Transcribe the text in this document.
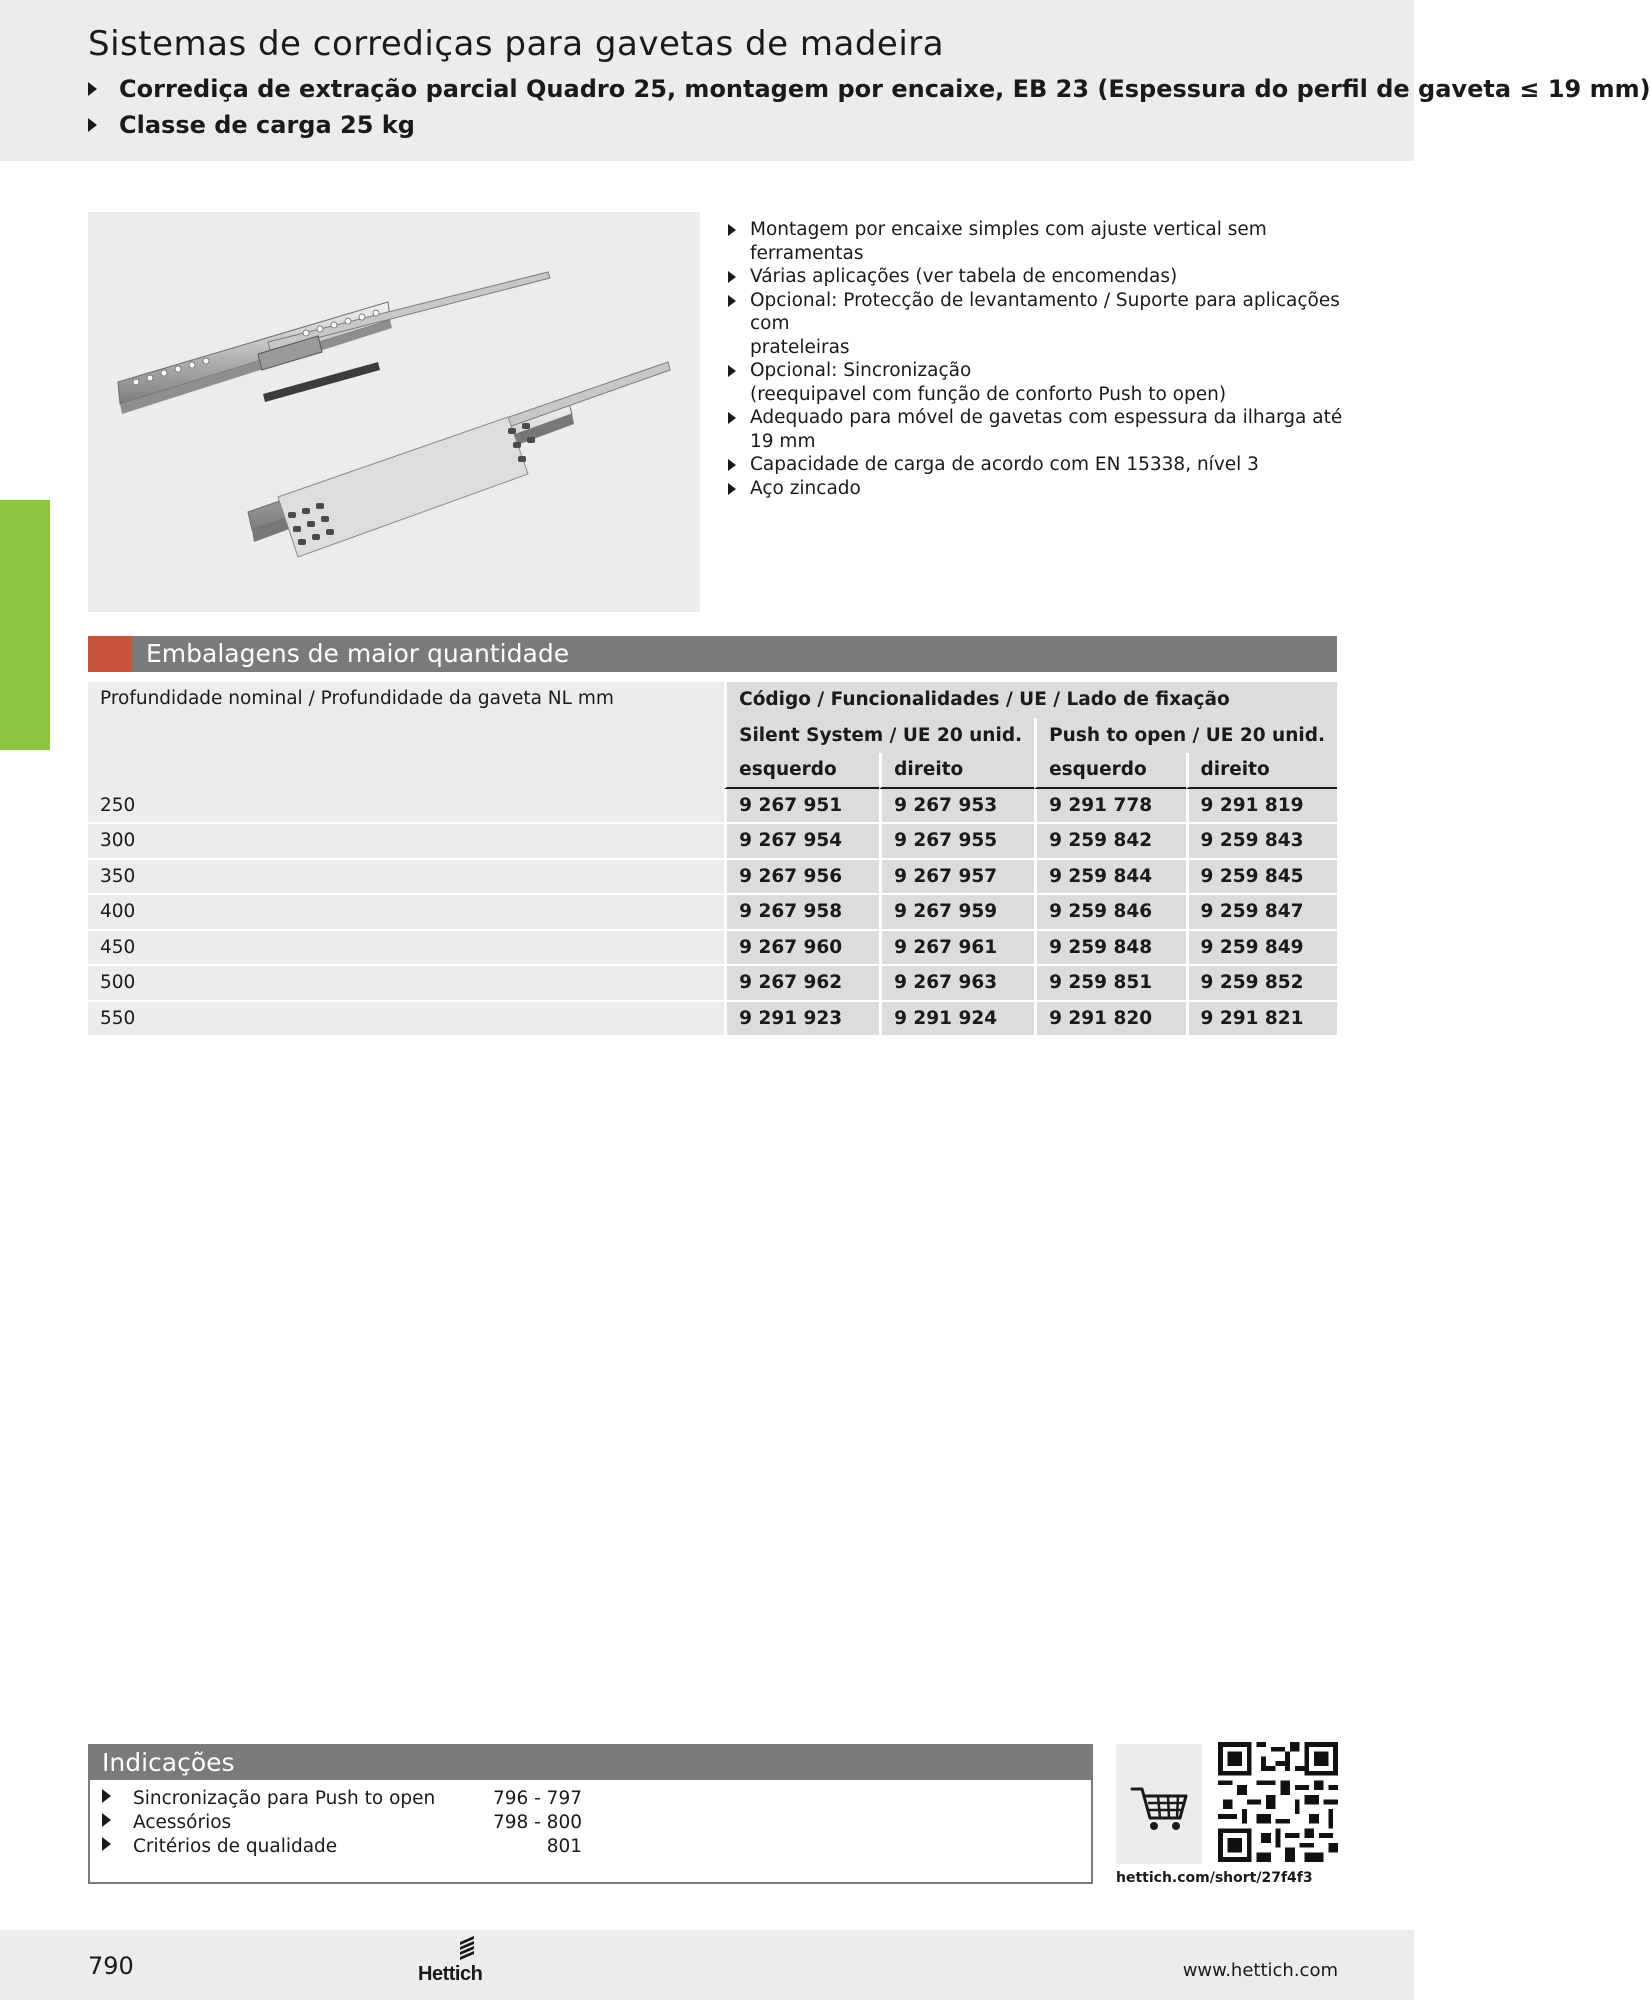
Sistemas de corrediças para gavetas de madeira
Corrediça de extração parcial Quadro 25, montagem por encaixe, EB 23 (Espessura do perfil de gaveta ≤ 19 mm)
Classe de carga 25 kg
Montagem por encaixe simples com ajuste vertical sem ferramentas
Várias aplicações (ver tabela de encomendas)
Opcional: Protecção de levantamento / Suporte para aplicações com
prateleiras
Opcional: Sincronização
(reequipavel com função de conforto Push to open)
Adequado para móvel de gavetas com espessura da ilharga até 19 mm
Capacidade de carga de acordo com EN 15338, nível 3
Aço zincado
Embalagens de maior quantidade
Profundidade nominal / Profundidade da gaveta NL mm	Código / Funcionalidades / UE / Lado de fixação			
	Silent System / UE 20 unid.		Push to open / UE 20 unid.	
	esquerdo	direito	esquerdo	direito
250	9 267 951	9 267 953	9 291 778	9 291 819
300	9 267 954	9 267 955	9 259 842	9 259 843
350	9 267 956	9 267 957	9 259 844	9 259 845
400	9 267 958	9 267 959	9 259 846	9 259 847
450	9 267 960	9 267 961	9 259 848	9 259 849
500	9 267 962	9 267 963	9 259 851	9 259 852
550	9 291 923	9 291 924	9 291 820	9 291 821
Indicações
Sincronização para Push to open	796 - 797
Acessórios	798 - 800
Critérios de qualidade	801
hettich.com/short/27f4f3
790	Hettich	www.hettich.com
